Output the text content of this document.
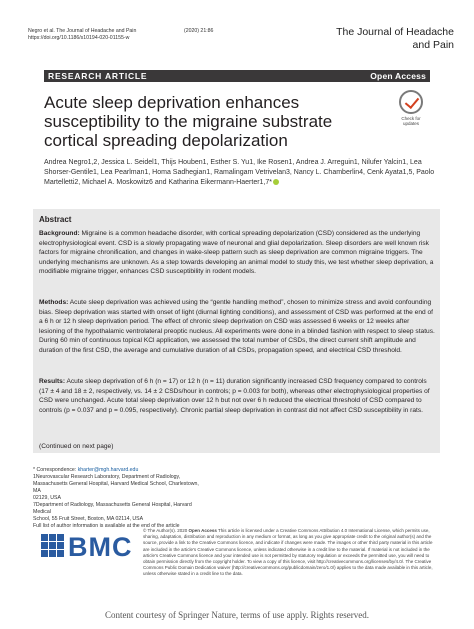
Negro et al. The Journal of Headache and Pain
https://doi.org/10.1186/s10194-020-01155-w
(2020) 21:86	The Journal of Headache
and Pain
RESEARCH ARTICLE	Open Access
Acute sleep deprivation enhances susceptibility to the migraine substrate cortical spreading depolarization
Check for
updates
Andrea Negro1,2, Jessica L. Seidel1, Thijs Houben1, Esther S. Yu1, Ike Rosen1, Andrea J. Arreguin1, Nilufer Yalcin1, Lea Shorser-Gentile1, Lea Pearlman1, Homa Sadhegian1, Ramalingam Vetrivelan3, Nancy L. Chamberlin4, Cenk Ayata1,5, Paolo Martelletti2, Michael A. Moskowitz6 and Katharina Eikermann-Haerter1,7*
Abstract
Background: Migraine is a common headache disorder, with cortical spreading depolarization (CSD) considered as the underlying electrophysiological event. CSD is a slowly propagating wave of neuronal and glial depolarization. Sleep disorders are well known risk factors for migraine chronification, and changes in wake-sleep pattern such as sleep deprivation are common migraine triggers. The underlying mechanisms are unknown. As a step towards developing an animal model to study this, we test whether sleep deprivation, a modifiable migraine trigger, enhances CSD susceptibility in rodent models.
Methods: Acute sleep deprivation was achieved using the “gentle handling method”, chosen to minimize stress and avoid confounding bias. Sleep deprivation was started with onset of light (diurnal lighting conditions), and assessment of CSD was performed at the end of a 6 h or 12 h sleep deprivation period. The effect of chronic sleep deprivation on CSD was assessed 6 weeks or 12 weeks after lesioning of the hypothalamic ventrolateral preoptic nucleus. All experiments were done in a blinded fashion with respect to sleep status. During 60 min of continuous topical KCl application, we assessed the total number of CSDs, the direct current shift amplitude and duration of the first CSD, the average and cumulative duration of all CSDs, propagation speed, and electrical CSD threshold.
Results: Acute sleep deprivation of 6 h (n = 17) or 12 h (n = 11) duration significantly increased CSD frequency compared to controls (17 ± 4 and 18 ± 2, respectively, vs. 14 ± 2 CSDs/hour in controls; p = 0.003 for both), whereas other electrophysiological properties of CSD were unchanged. Acute total sleep deprivation over 12 h but not over 6 h reduced the electrical threshold of CSD compared to controls (p = 0.037 and p = 0.095, respectively). Chronic partial sleep deprivation in contrast did not affect CSD susceptibility in rats.
(Continued on next page)
* Correspondence: kharter@mgh.harvard.edu
1Neurovascular Research Laboratory, Department of Radiology,
Massachusetts General Hospital, Harvard Medical School, Charlestown, MA
02129, USA
7Department of Radiology, Massachusetts General Hospital, Harvard Medical
School, 55 Fruit Street, Boston, MA 02114, USA
Full list of author information is available at the end of the article
BMC
© The Author(s). 2020 Open Access This article is licensed under a Creative Commons Attribution 4.0 International License, which permits use, sharing, adaptation, distribution and reproduction in any medium or format, as long as you give appropriate credit to the original author(s) and the source, provide a link to the Creative Commons licence, and indicate if changes were made. The images or other third party material in this article are included in the article's Creative Commons licence, unless indicated otherwise in a credit line to the material. If material is not included in the article's Creative Commons licence and your intended use is not permitted by statutory regulation or exceeds the permitted use, you will need to obtain permission directly from the copyright holder. To view a copy of this licence, visit http://creativecommons.org/licenses/by/4.0/. The Creative Commons Public Domain Dedication waiver (http://creativecommons.org/publicdomain/zero/1.0/) applies to the data made available in this article, unless otherwise stated in a credit line to the data.
Content courtesy of Springer Nature, terms of use apply. Rights reserved.
